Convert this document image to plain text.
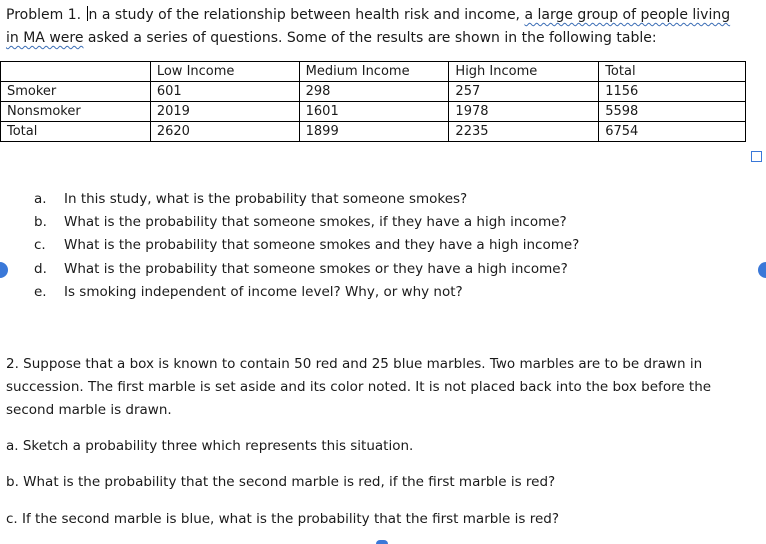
Problem 1. n a study of the relationship between health risk and income, a large group of people living
in MA were asked a series of questions. Some of the results are shown in the following table:
	Low Income	Medium Income	High Income	Total
Smoker	601	298	257	1156
Nonsmoker	2019	1601	1978	5598
Total	2620	1899	2235	6754
a. In this study, what is the probability that someone smokes?
b. What is the probability that someone smokes, if they have a high income?
c. What is the probability that someone smokes and they have a high income?
d. What is the probability that someone smokes or they have a high income?
e. Is smoking independent of income level? Why, or why not?
2. Suppose that a box is known to contain 50 red and 25 blue marbles. Two marbles are to be drawn in
succession. The first marble is set aside and its color noted. It is not placed back into the box before the
second marble is drawn.
a. Sketch a probability three which represents this situation.
b. What is the probability that the second marble is red, if the first marble is red?
c. If the second marble is blue, what is the probability that the first marble is red?
